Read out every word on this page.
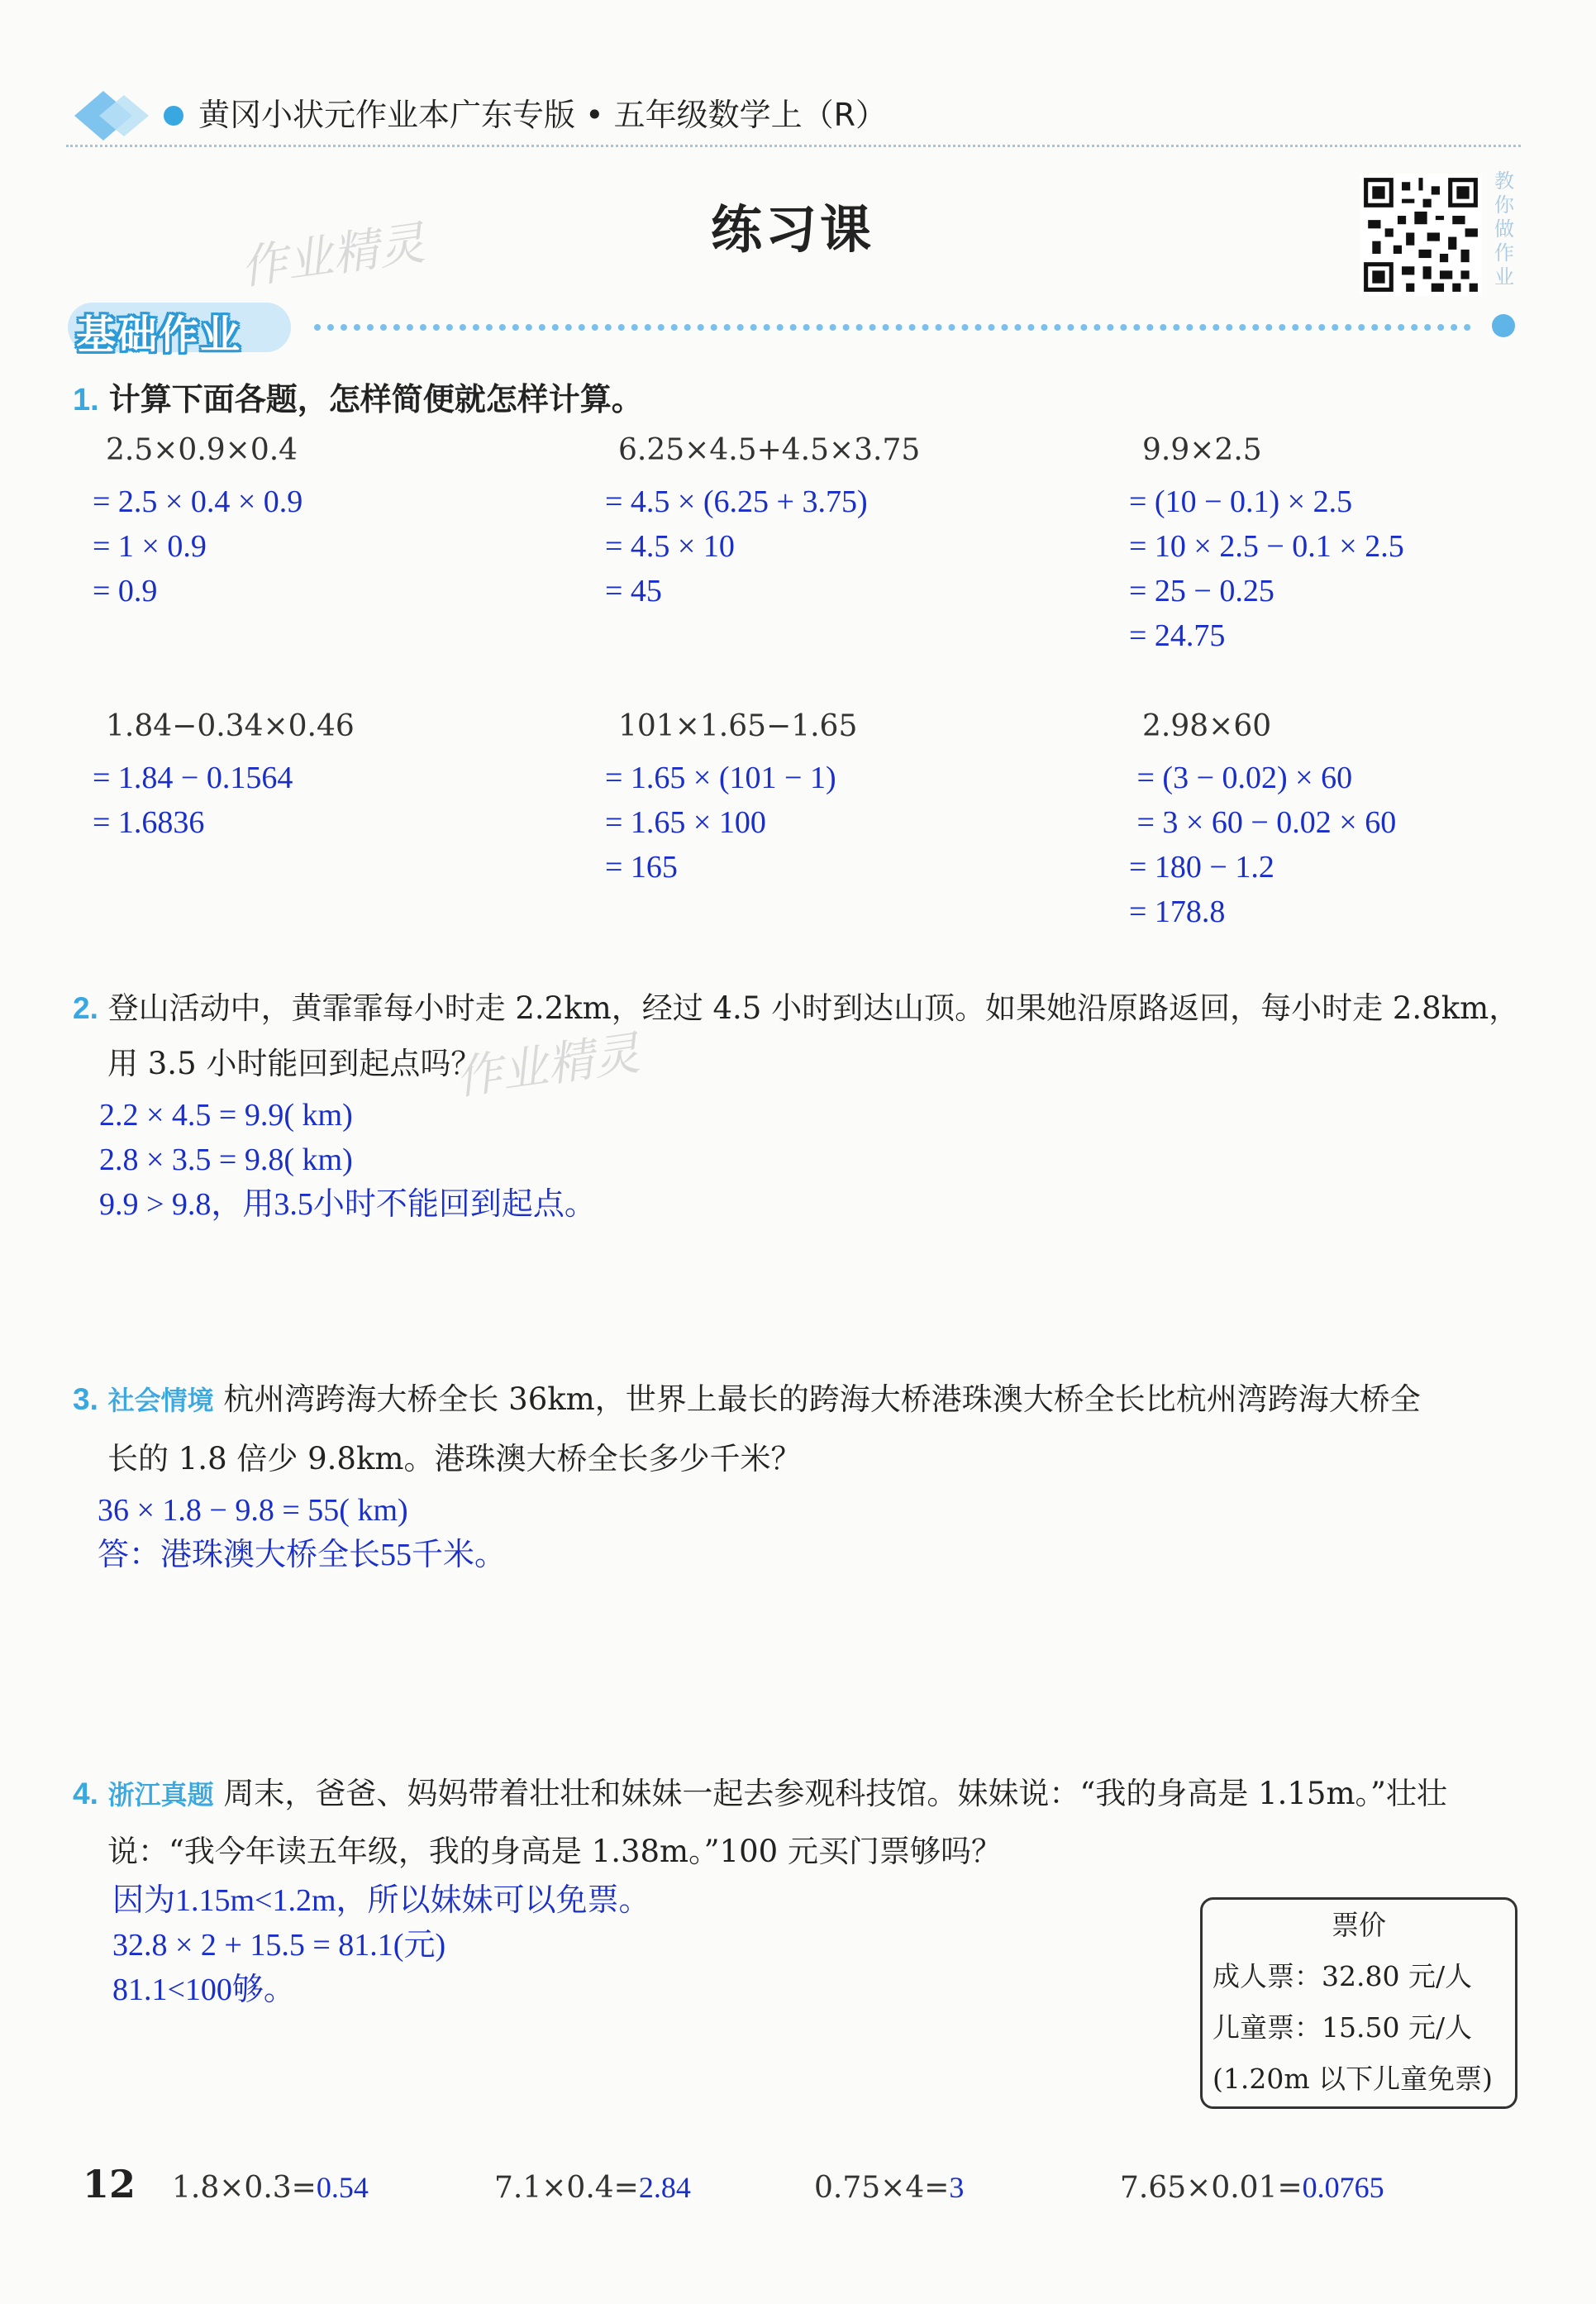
黄冈小状元作业本广东专版 • 五年级数学上（R）
练习课
作业精灵
教
你
做
作
业
基础作业
1. 计算下面各题，怎样简便就怎样计算。
2.5×0.9×0.4
= 2.5 × 0.4 × 0.9
= 1 × 0.9
= 0.9
6.25×4.5+4.5×3.75
= 4.5 × (6.25 + 3.75)
= 4.5 × 10
= 45
9.9×2.5
= (10 − 0.1) × 2.5
= 10 × 2.5 − 0.1 × 2.5
= 25 − 0.25
= 24.75
1.84−0.34×0.46
= 1.84 − 0.1564
= 1.6836
101×1.65−1.65
= 1.65 × (101 − 1)
= 1.65 × 100
= 165
2.98×60
= (3 − 0.02) × 60
= 3 × 60 − 0.02 × 60
= 180 − 1.2
= 178.8
2. 登山活动中，黄霏霏每小时走 2.2km，经过 4.5 小时到达山顶。如果她沿原路返回，每小时走 2.8km，
用 3.5 小时能回到起点吗？
作业精灵
2.2 × 4.5 = 9.9( km)
2.8 × 3.5 = 9.8( km)
9.9 > 9.8，用3.5小时不能回到起点。
3. 社会情境 杭州湾跨海大桥全长 36km，世界上最长的跨海大桥港珠澳大桥全长比杭州湾跨海大桥全
长的 1.8 倍少 9.8km。港珠澳大桥全长多少千米？
36 × 1.8 − 9.8 = 55( km)
答：港珠澳大桥全长55千米。
4. 浙江真题 周末，爸爸、妈妈带着壮壮和妹妹一起去参观科技馆。妹妹说：“我的身高是 1.15m。”壮壮
说：“我今年读五年级，我的身高是 1.38m。”100 元买门票够吗？
因为1.15m<1.2m，所以妹妹可以免票。
32.8 × 2 + 15.5 = 81.1(元)
81.1<100够。
票价
成人票：32.80 元/人
儿童票：15.50 元/人
(1.20m 以下儿童免票)
12 1.8×0.3=0.54	7.1×0.4=2.84	0.75×4=3	7.65×0.01=0.0765
